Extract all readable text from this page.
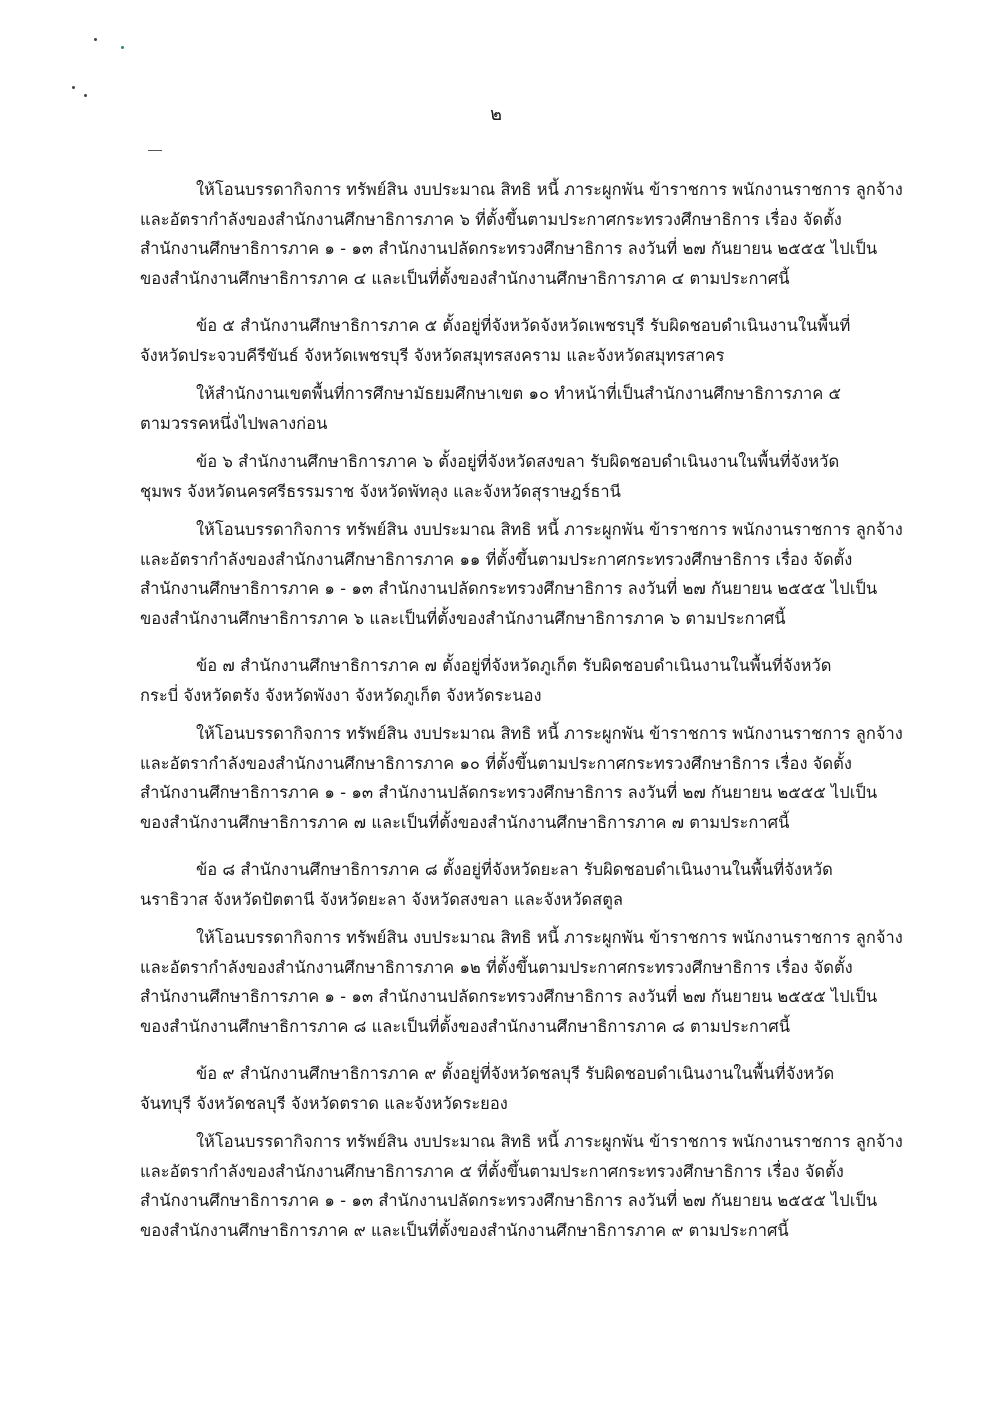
๒
ให้โอนบรรดากิจการ ทรัพย์สิน งบประมาณ สิทธิ หนี้ ภาระผูกพัน ข้าราชการ พนักงานราชการ ลูกจ้าง
และอัตรากำลังของสำนักงานศึกษาธิการภาค ๖ ที่ตั้งขึ้นตามประกาศกระทรวงศึกษาธิการ เรื่อง จัดตั้ง
สำนักงานศึกษาธิการภาค ๑ - ๑๓ สำนักงานปลัดกระทรวงศึกษาธิการ ลงวันที่ ๒๗ กันยายน ๒๕๕๕ ไปเป็น
ของสำนักงานศึกษาธิการภาค ๔ และเป็นที่ตั้งของสำนักงานศึกษาธิการภาค ๔ ตามประกาศนี้
ข้อ ๕ สำนักงานศึกษาธิการภาค ๕ ตั้งอยู่ที่จังหวัดจังหวัดเพชรบุรี รับผิดชอบดำเนินงานในพื้นที่
จังหวัดประจวบคีรีขันธ์ จังหวัดเพชรบุรี จังหวัดสมุทรสงคราม และจังหวัดสมุทรสาคร
ให้สำนักงานเขตพื้นที่การศึกษามัธยมศึกษาเขต ๑๐ ทำหน้าที่เป็นสำนักงานศึกษาธิการภาค ๕
ตามวรรคหนึ่งไปพลางก่อน
ข้อ ๖ สำนักงานศึกษาธิการภาค ๖ ตั้งอยู่ที่จังหวัดสงขลา รับผิดชอบดำเนินงานในพื้นที่จังหวัด
ชุมพร จังหวัดนครศรีธรรมราช จังหวัดพัทลุง และจังหวัดสุราษฎร์ธานี
ให้โอนบรรดากิจการ ทรัพย์สิน งบประมาณ สิทธิ หนี้ ภาระผูกพัน ข้าราชการ พนักงานราชการ ลูกจ้าง
และอัตรากำลังของสำนักงานศึกษาธิการภาค ๑๑ ที่ตั้งขึ้นตามประกาศกระทรวงศึกษาธิการ เรื่อง จัดตั้ง
สำนักงานศึกษาธิการภาค ๑ - ๑๓ สำนักงานปลัดกระทรวงศึกษาธิการ ลงวันที่ ๒๗ กันยายน ๒๕๕๕ ไปเป็น
ของสำนักงานศึกษาธิการภาค ๖ และเป็นที่ตั้งของสำนักงานศึกษาธิการภาค ๖ ตามประกาศนี้
ข้อ ๗ สำนักงานศึกษาธิการภาค ๗ ตั้งอยู่ที่จังหวัดภูเก็ต รับผิดชอบดำเนินงานในพื้นที่จังหวัด
กระบี่ จังหวัดตรัง จังหวัดพังงา จังหวัดภูเก็ต จังหวัดระนอง
ให้โอนบรรดากิจการ ทรัพย์สิน งบประมาณ สิทธิ หนี้ ภาระผูกพัน ข้าราชการ พนักงานราชการ ลูกจ้าง
และอัตรากำลังของสำนักงานศึกษาธิการภาค ๑๐ ที่ตั้งขึ้นตามประกาศกระทรวงศึกษาธิการ เรื่อง จัดตั้ง
สำนักงานศึกษาธิการภาค ๑ - ๑๓ สำนักงานปลัดกระทรวงศึกษาธิการ ลงวันที่ ๒๗ กันยายน ๒๕๕๕ ไปเป็น
ของสำนักงานศึกษาธิการภาค ๗ และเป็นที่ตั้งของสำนักงานศึกษาธิการภาค ๗ ตามประกาศนี้
ข้อ ๘ สำนักงานศึกษาธิการภาค ๘ ตั้งอยู่ที่จังหวัดยะลา รับผิดชอบดำเนินงานในพื้นที่จังหวัด
นราธิวาส จังหวัดปัตตานี จังหวัดยะลา จังหวัดสงขลา และจังหวัดสตูล
ให้โอนบรรดากิจการ ทรัพย์สิน งบประมาณ สิทธิ หนี้ ภาระผูกพัน ข้าราชการ พนักงานราชการ ลูกจ้าง
และอัตรากำลังของสำนักงานศึกษาธิการภาค ๑๒ ที่ตั้งขึ้นตามประกาศกระทรวงศึกษาธิการ เรื่อง จัดตั้ง
สำนักงานศึกษาธิการภาค ๑ - ๑๓ สำนักงานปลัดกระทรวงศึกษาธิการ ลงวันที่ ๒๗ กันยายน ๒๕๕๕ ไปเป็น
ของสำนักงานศึกษาธิการภาค ๘ และเป็นที่ตั้งของสำนักงานศึกษาธิการภาค ๘ ตามประกาศนี้
ข้อ ๙ สำนักงานศึกษาธิการภาค ๙ ตั้งอยู่ที่จังหวัดชลบุรี รับผิดชอบดำเนินงานในพื้นที่จังหวัด
จันทบุรี จังหวัดชลบุรี จังหวัดตราด และจังหวัดระยอง
ให้โอนบรรดากิจการ ทรัพย์สิน งบประมาณ สิทธิ หนี้ ภาระผูกพัน ข้าราชการ พนักงานราชการ ลูกจ้าง
และอัตรากำลังของสำนักงานศึกษาธิการภาค ๕ ที่ตั้งขึ้นตามประกาศกระทรวงศึกษาธิการ เรื่อง จัดตั้ง
สำนักงานศึกษาธิการภาค ๑ - ๑๓ สำนักงานปลัดกระทรวงศึกษาธิการ ลงวันที่ ๒๗ กันยายน ๒๕๕๕ ไปเป็น
ของสำนักงานศึกษาธิการภาค ๙ และเป็นที่ตั้งของสำนักงานศึกษาธิการภาค ๙ ตามประกาศนี้
